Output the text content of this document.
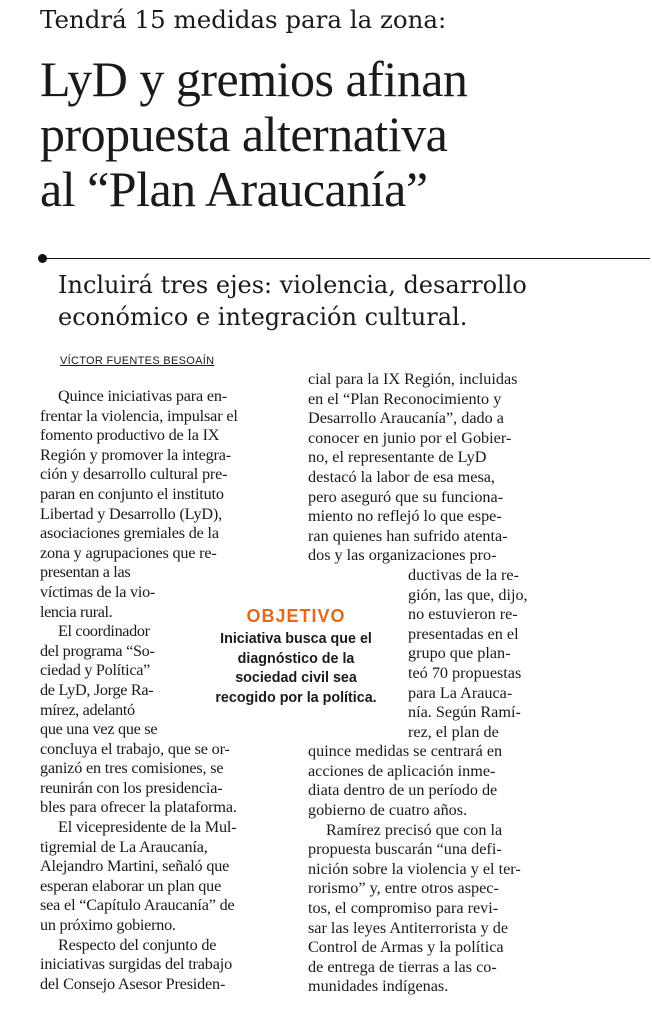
Tendrá 15 medidas para la zona:
LyD y gremios afinan
propuesta alternativa
al “Plan Araucanía”
Incluirá tres ejes: violencia, desarrollo
económico e integración cultural.
VÍCTOR FUENTES BESOAÍN
Quince iniciativas para en-
frentar la violencia, impulsar el
fomento productivo de la IX
Región y promover la integra-
ción y desarrollo cultural pre-
paran en conjunto el instituto
Libertad y Desarrollo (LyD),
asociaciones gremiales de la
zona y agrupaciones que re-
presentan a las
víctimas de la vio-
lencia rural.
El coordinador
del programa “So-
ciedad y Política”
de LyD, Jorge Ra-
mírez, adelantó
que una vez que se
concluya el trabajo, que se or-
ganizó en tres comisiones, se
reunirán con los presidencia-
bles para ofrecer la plataforma.
El vicepresidente de la Mul-
tigremial de La Araucanía,
Alejandro Martini, señaló que
esperan elaborar un plan que
sea el “Capítulo Araucanía” de
un próximo gobierno.
Respecto del conjunto de
iniciativas surgidas del trabajo
del Consejo Asesor Presiden-
cial para la IX Región, incluidas
en el “Plan Reconocimiento y
Desarrollo Araucanía”, dado a
conocer en junio por el Gobier-
no, el representante de LyD
destacó la labor de esa mesa,
pero aseguró que su funciona-
miento no reflejó lo que espe-
ran quienes han sufrido atenta-
dos y las organizaciones pro-
ductivas de la re-
gión, las que, dijo,
no estuvieron re-
presentadas en el
grupo que plan-
teó 70 propuestas
para La Arauca-
nía. Según Ramí-
rez, el plan de
quince medidas se centrará en
acciones de aplicación inme-
diata dentro de un período de
gobierno de cuatro años.
Ramírez precisó que con la
propuesta buscarán “una defi-
nición sobre la violencia y el ter-
rorismo” y, entre otros aspec-
tos, el compromiso para revi-
sar las leyes Antiterrorista y de
Control de Armas y la política
de entrega de tierras a las co-
munidades indígenas.
OBJETIVO
Iniciativa busca que el
diagnóstico de la
sociedad civil sea
recogido por la política.
